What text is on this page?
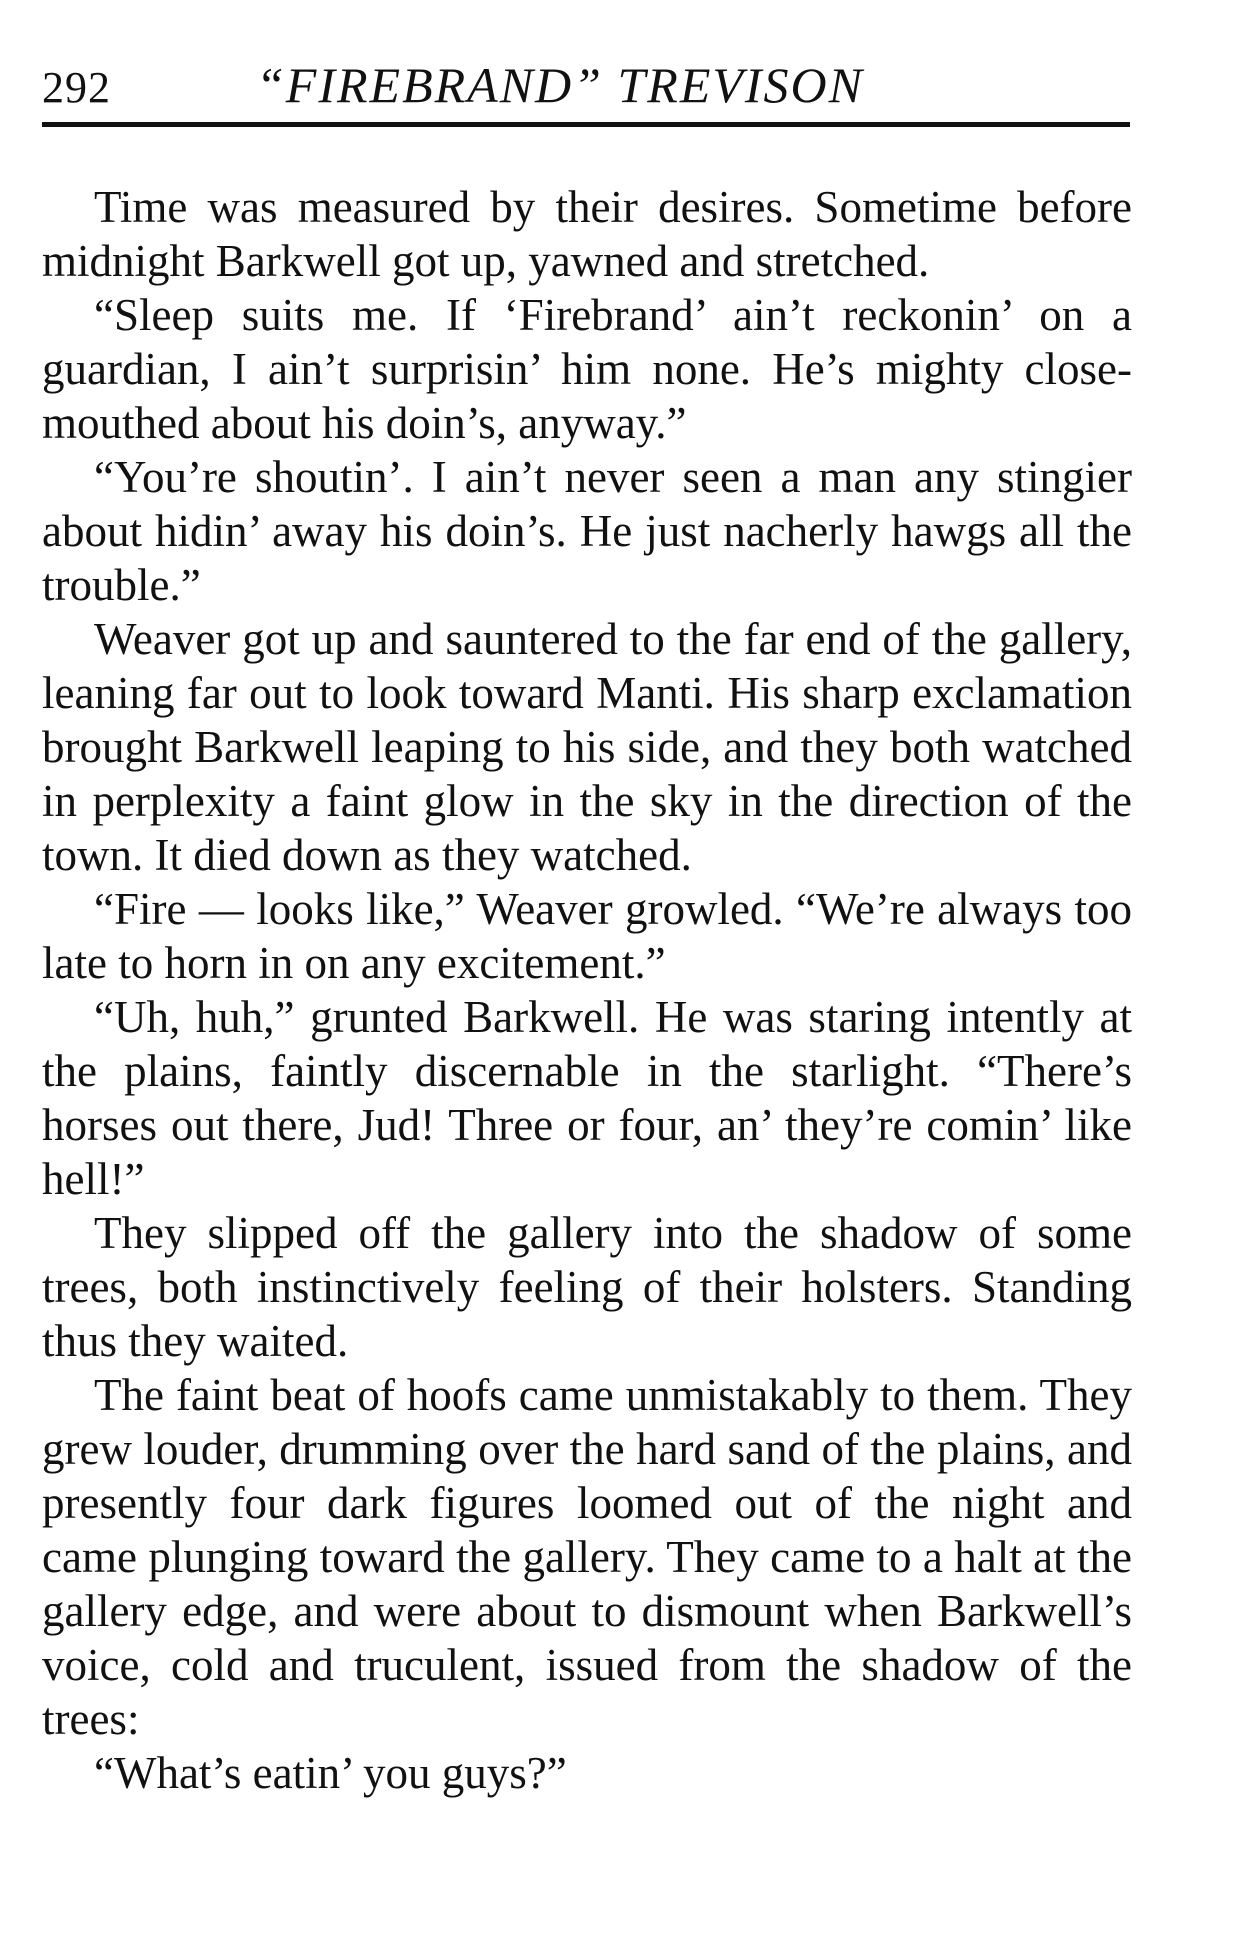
292	“FIREBRAND” TREVISON

Time was measured by their desires. Sometime before midnight Barkwell got up, yawned and stretched.

“Sleep suits me. If ‘Firebrand’ ain’t reckonin’ on a guardian, I ain’t surprisin’ him none. He’s mighty close-mouthed about his doin’s, anyway.”

“You’re shoutin’. I ain’t never seen a man any stingier about hidin’ away his doin’s. He just nacherly hawgs all the trouble.”

Weaver got up and sauntered to the far end of the gallery, leaning far out to look toward Manti. His sharp exclamation brought Barkwell leaping to his side, and they both watched in perplexity a faint glow in the sky in the direction of the town. It died down as they watched.

“Fire — looks like,” Weaver growled. “We’re always too late to horn in on any excitement.”

“Uh, huh,” grunted Barkwell. He was staring intently at the plains, faintly discernable in the starlight. “There’s horses out there, Jud! Three or four, an’ they’re comin’ like hell!”

They slipped off the gallery into the shadow of some trees, both instinctively feeling of their holsters. Standing thus they waited.

The faint beat of hoofs came unmistakably to them. They grew louder, drumming over the hard sand of the plains, and presently four dark figures loomed out of the night and came plunging toward the gallery. They came to a halt at the gallery edge, and were about to dismount when Barkwell’s voice, cold and truculent, issued from the shadow of the trees:

“What’s eatin’ you guys?”
